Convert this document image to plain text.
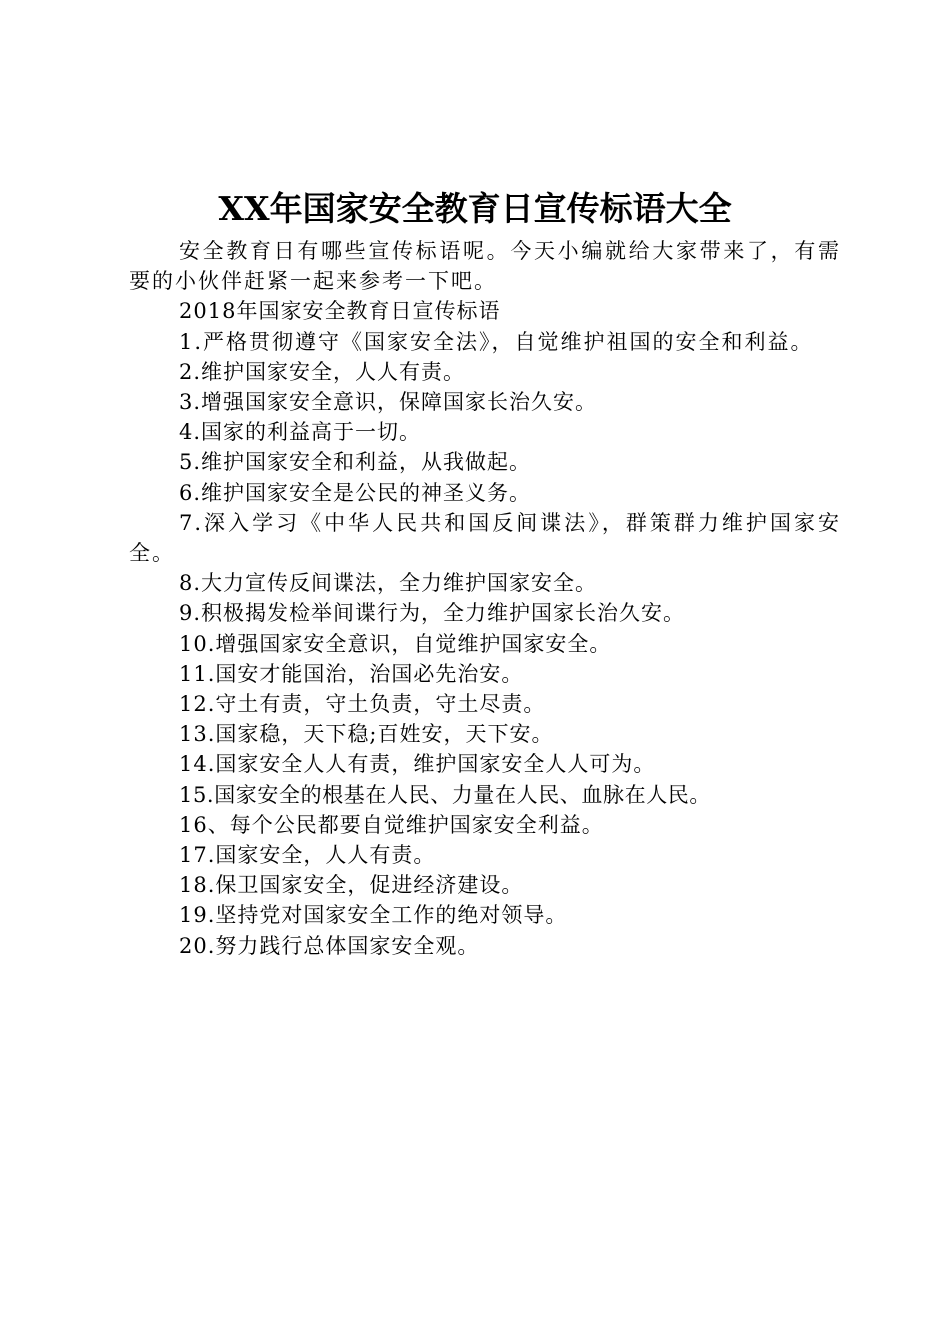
XX年国家安全教育日宣传标语大全

安全教育日有哪些宣传标语呢。今天小编就给大家带来了，有需要的小伙伴赶紧一起来参考一下吧。

2018年国家安全教育日宣传标语

1.严格贯彻遵守《国家安全法》，自觉维护祖国的安全和利益。

2.维护国家安全，人人有责。

3.增强国家安全意识，保障国家长治久安。

4.国家的利益高于一切。

5.维护国家安全和利益，从我做起。

6.维护国家安全是公民的神圣义务。

7.深入学习《中华人民共和国反间谍法》，群策群力维护国家安全。

8.大力宣传反间谍法，全力维护国家安全。

9.积极揭发检举间谍行为，全力维护国家长治久安。

10.增强国家安全意识，自觉维护国家安全。

11.国安才能国治，治国必先治安。

12.守土有责，守土负责，守土尽责。

13.国家稳，天下稳;百姓安，天下安。

14.国家安全人人有责，维护国家安全人人可为。

15.国家安全的根基在人民、力量在人民、血脉在人民。

16、每个公民都要自觉维护国家安全利益。

17.国家安全，人人有责。

18.保卫国家安全，促进经济建设。

19.坚持党对国家安全工作的绝对领导。

20.努力践行总体国家安全观。
